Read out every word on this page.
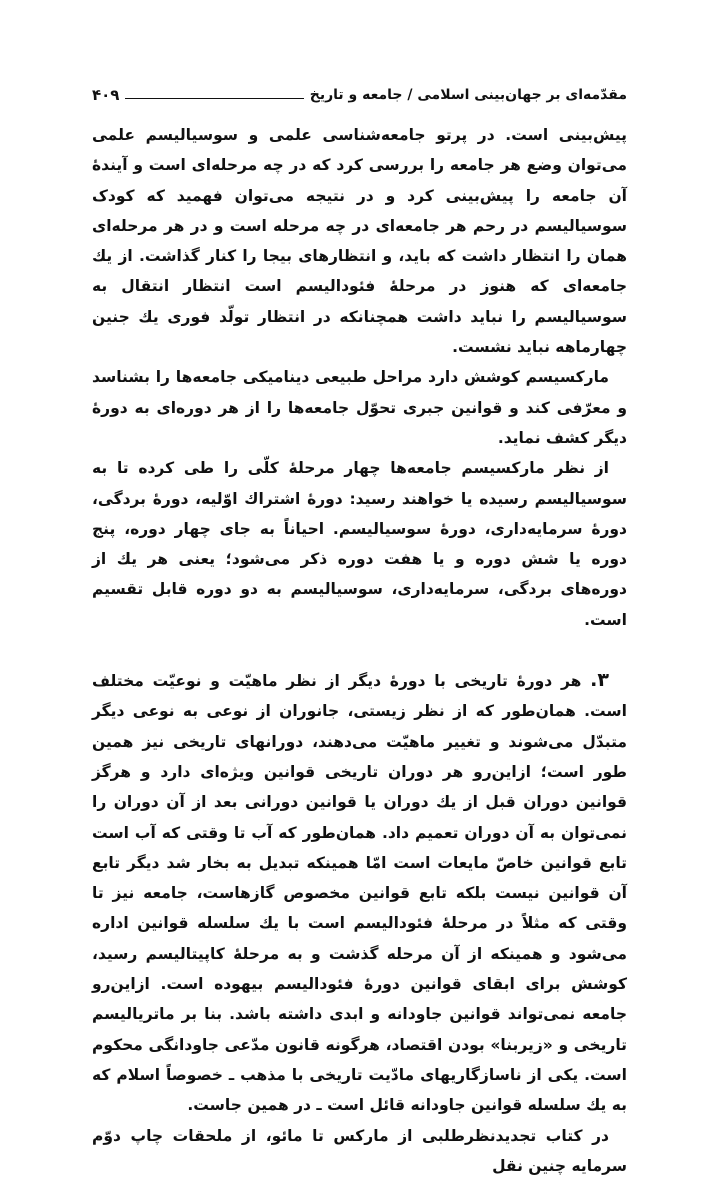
مقدّمه‌ای بر جهان‌بینی اسلامی / جامعه و تاریخ
۴۰۹

پیش‌بینی است. در پرتو جامعه‌شناسی علمی و سوسیالیسم علمی می‌توان وضع هر جامعه را بررسی کرد که در چه مرحله‌ای است و آیندهٔ آن جامعه را پیش‌بینی کرد و در نتیجه می‌توان فهمید که کودک سوسیالیسم در رحم هر جامعه‌ای در چه مرحله است و در هر مرحله‌ای همان را انتظار داشت که باید، و انتظارهای بیجا را کنار گذاشت. از یك جامعه‌ای که هنوز در مرحلهٔ فئودالیسم است انتظار انتقال به سوسیالیسم را نباید داشت همچنانکه در انتظار تولّد فوری یك جنین چهارماهه نباید نشست.

مارکسیسم کوشش دارد مراحل طبیعی دینامیکی جامعه‌ها را بشناسد و معرّفی کند و قوانین جبری تحوّل جامعه‌ها را از هر دوره‌ای به دورهٔ دیگر کشف نماید.

از نظر مارکسیسم جامعه‌ها چهار مرحلهٔ کلّی را طی کرده تا به سوسیالیسم رسیده یا خواهند رسید: دورهٔ اشتراك اوّلیه، دورهٔ بردگی، دورهٔ سرمایه‌داری، دورهٔ سوسیالیسم. احیاناً به جای چهار دوره، پنج دوره یا شش دوره و یا هفت دوره ذکر می‌شود؛ یعنی هر یك از دوره‌های بردگی، سرمایه‌داری، سوسیالیسم به دو دوره قابل تقسیم است.

۳. هر دورهٔ تاریخی با دورهٔ دیگر از نظر ماهیّت و نوعیّت مختلف است. همان‌طور که از نظر زیستی، جانوران از نوعی به نوعی دیگر متبدّل می‌شوند و تغییر ماهیّت می‌دهند، دورانهای تاریخی نیز همین طور است؛ ازاین‌رو هر دوران تاریخی قوانین ویژه‌ای دارد و هرگز قوانین دوران قبل از یك دوران یا قوانین دورانی بعد از آن دوران را نمی‌توان به آن دوران تعمیم داد. همان‌طور که آب تا وقتی که آب است تابع قوانین خاصّ مایعات است امّا همینکه تبدیل به بخار شد دیگر تابع آن قوانین نیست بلکه تابع قوانین مخصوص گازهاست، جامعه نیز تا وقتی که مثلاً در مرحلهٔ فئودالیسم است با یك سلسله قوانین اداره می‌شود و همینکه از آن مرحله گذشت و به مرحلهٔ کاپیتالیسم رسید، کوشش برای ابقای قوانین دورهٔ فئودالیسم بیهوده است. ازاین‌رو جامعه نمی‌تواند قوانین جاودانه و ابدی داشته باشد. بنا بر ماتریالیسم تاریخی و «زیربنا» بودن اقتصاد، هرگونه قانون مدّعی جاودانگی محکوم است. یکی از ناسازگاریهای مادّیت تاریخی با مذهب ـ خصوصاً اسلام که به یك سلسله قوانین جاودانه قائل است ـ در همین جاست.

در کتاب تجدیدنظرطلبی از مارکس تا مائو، از ملحقات چاپ دوّم سرمایه چنین نقل
